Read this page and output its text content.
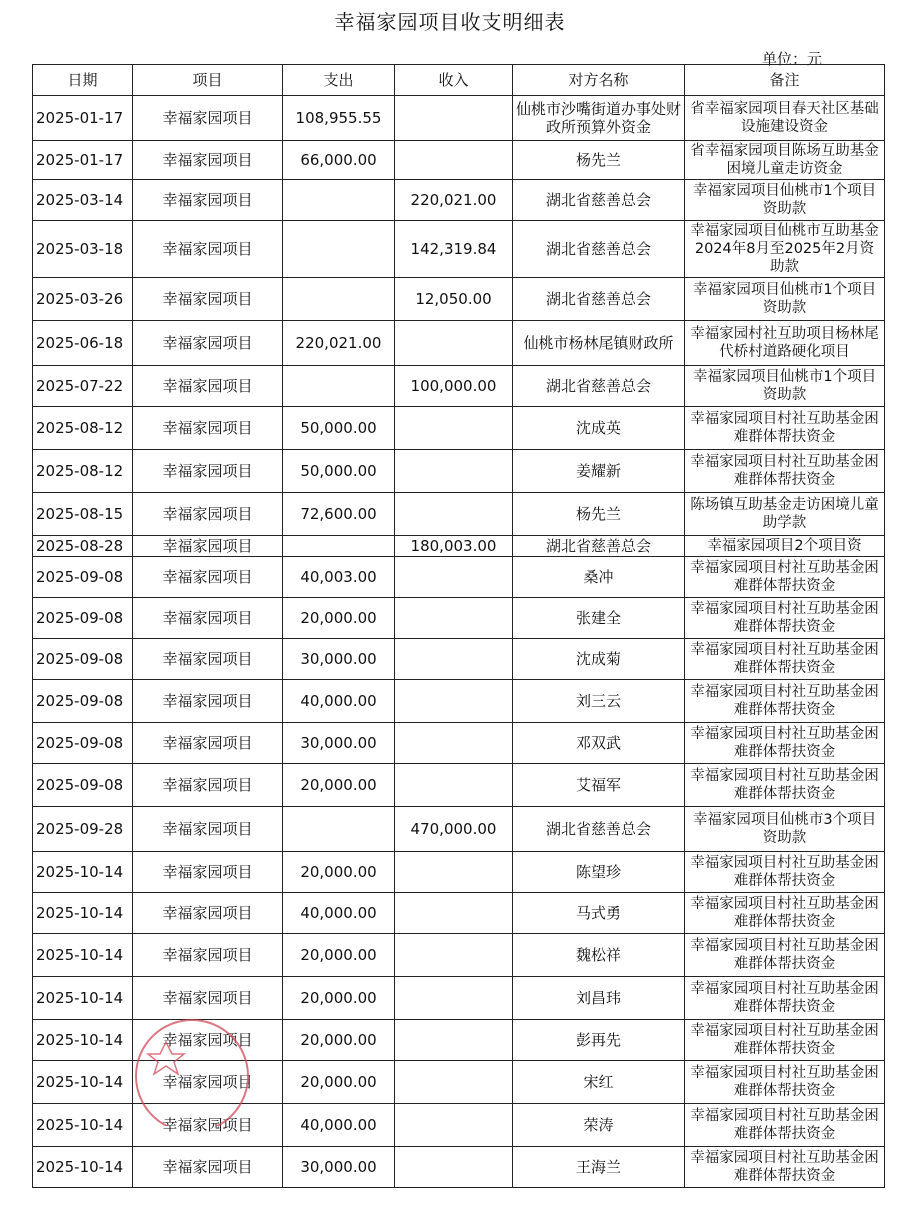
幸福家园项目收支明细表
单位：元
日期	项目	支出	收入	对方名称	备注
2025-01-17	幸福家园项目	108,955.55		仙桃市沙嘴街道办事处财政所预算外资金	省幸福家园项目春天社区基础设施建设资金
2025-01-17	幸福家园项目	66,000.00		杨先兰	省幸福家园项目陈场互助基金困境儿童走访资金
2025-03-14	幸福家园项目		220,021.00	湖北省慈善总会	幸福家园项目仙桃市1个项目资助款
2025-03-18	幸福家园项目		142,319.84	湖北省慈善总会	幸福家园项目仙桃市互助基金2024年8月至2025年2月资助款
2025-03-26	幸福家园项目		12,050.00	湖北省慈善总会	幸福家园项目仙桃市1个项目资助款
2025-06-18	幸福家园项目	220,021.00		仙桃市杨林尾镇财政所	幸福家园村社互助项目杨林尾代桥村道路硬化项目
2025-07-22	幸福家园项目		100,000.00	湖北省慈善总会	幸福家园项目仙桃市1个项目资助款
2025-08-12	幸福家园项目	50,000.00		沈成英	幸福家园项目村社互助基金困难群体帮扶资金
2025-08-12	幸福家园项目	50,000.00		姜耀新	幸福家园项目村社互助基金困难群体帮扶资金
2025-08-15	幸福家园项目	72,600.00		杨先兰	陈场镇互助基金走访困境儿童助学款
2025-08-28	幸福家园项目		180,003.00	湖北省慈善总会	幸福家园项目2个项目资
2025-09-08	幸福家园项目	40,003.00		桑冲	幸福家园项目村社互助基金困难群体帮扶资金
2025-09-08	幸福家园项目	20,000.00		张建全	幸福家园项目村社互助基金困难群体帮扶资金
2025-09-08	幸福家园项目	30,000.00		沈成菊	幸福家园项目村社互助基金困难群体帮扶资金
2025-09-08	幸福家园项目	40,000.00		刘三云	幸福家园项目村社互助基金困难群体帮扶资金
2025-09-08	幸福家园项目	30,000.00		邓双武	幸福家园项目村社互助基金困难群体帮扶资金
2025-09-08	幸福家园项目	20,000.00		艾福军	幸福家园项目村社互助基金困难群体帮扶资金
2025-09-28	幸福家园项目		470,000.00	湖北省慈善总会	幸福家园项目仙桃市3个项目资助款
2025-10-14	幸福家园项目	20,000.00		陈望珍	幸福家园项目村社互助基金困难群体帮扶资金
2025-10-14	幸福家园项目	40,000.00		马式勇	幸福家园项目村社互助基金困难群体帮扶资金
2025-10-14	幸福家园项目	20,000.00		魏松祥	幸福家园项目村社互助基金困难群体帮扶资金
2025-10-14	幸福家园项目	20,000.00		刘昌玮	幸福家园项目村社互助基金困难群体帮扶资金
2025-10-14	幸福家园项目	20,000.00		彭再先	幸福家园项目村社互助基金困难群体帮扶资金
2025-10-14	幸福家园项目	20,000.00		宋红	幸福家园项目村社互助基金困难群体帮扶资金
2025-10-14	幸福家园项目	40,000.00		荣涛	幸福家园项目村社互助基金困难群体帮扶资金
2025-10-14	幸福家园项目	30,000.00		王海兰	幸福家园项目村社互助基金困难群体帮扶资金
